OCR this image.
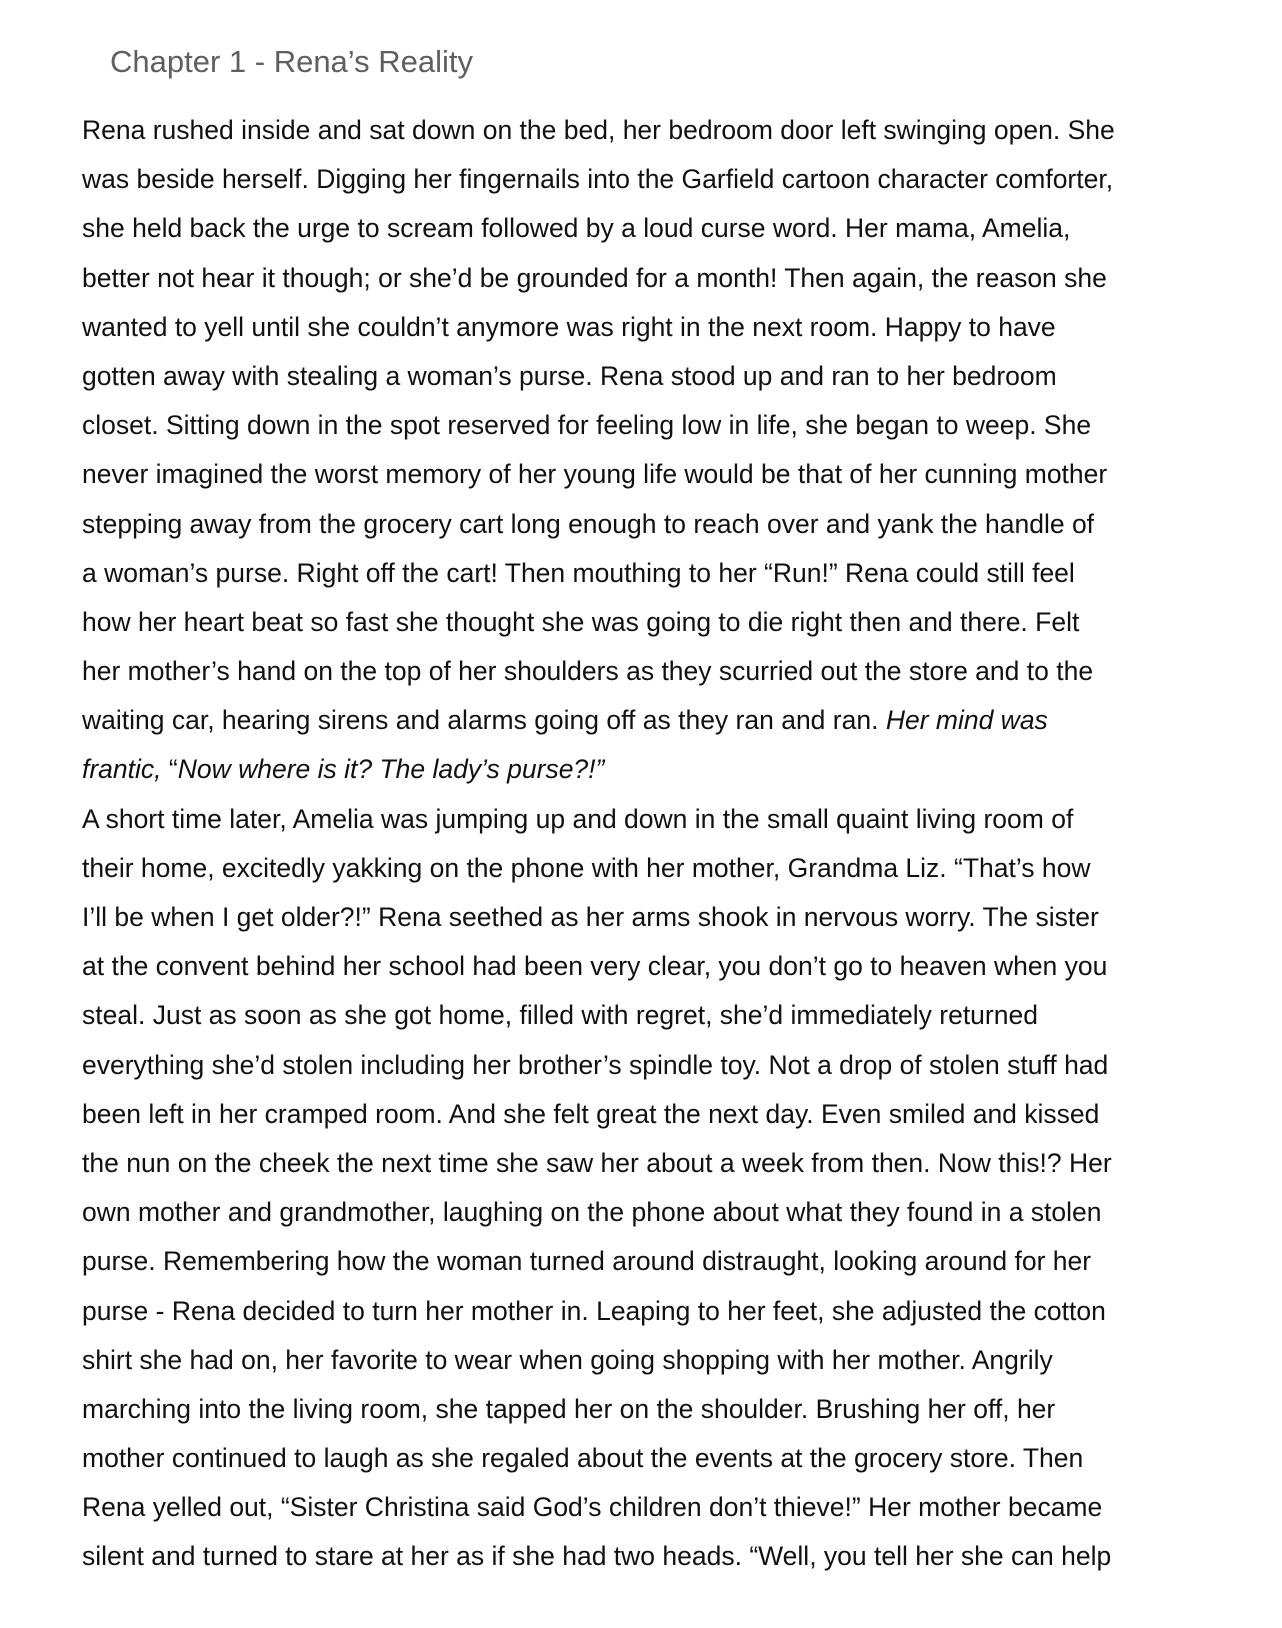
Chapter 1 - Rena’s Reality
Rena rushed inside and sat down on the bed, her bedroom door left swinging open. She
was beside herself. Digging her fingernails into the Garfield cartoon character comforter,
she held back the urge to scream followed by a loud curse word. Her mama, Amelia,
better not hear it though; or she’d be grounded for a month! Then again, the reason she
wanted to yell until she couldn’t anymore was right in the next room. Happy to have
gotten away with stealing a woman’s purse. Rena stood up and ran to her bedroom
closet. Sitting down in the spot reserved for feeling low in life, she began to weep. She
never imagined the worst memory of her young life would be that of her cunning mother
stepping away from the grocery cart long enough to reach over and yank the handle of
a woman’s purse. Right off the cart! Then mouthing to her “Run!” Rena could still feel
how her heart beat so fast she thought she was going to die right then and there. Felt
her mother’s hand on the top of her shoulders as they scurried out the store and to the
waiting car, hearing sirens and alarms going off as they ran and ran. Her mind was
frantic, “Now where is it? The lady’s purse?!”
A short time later, Amelia was jumping up and down in the small quaint living room of
their home, excitedly yakking on the phone with her mother, Grandma Liz. “That’s how
I’ll be when I get older?!” Rena seethed as her arms shook in nervous worry. The sister
at the convent behind her school had been very clear, you don’t go to heaven when you
steal. Just as soon as she got home, filled with regret, she’d immediately returned
everything she’d stolen including her brother’s spindle toy. Not a drop of stolen stuff had
been left in her cramped room. And she felt great the next day. Even smiled and kissed
the nun on the cheek the next time she saw her about a week from then. Now this!? Her
own mother and grandmother, laughing on the phone about what they found in a stolen
purse. Remembering how the woman turned around distraught, looking around for her
purse - Rena decided to turn her mother in. Leaping to her feet, she adjusted the cotton
shirt she had on, her favorite to wear when going shopping with her mother. Angrily
marching into the living room, she tapped her on the shoulder. Brushing her off, her
mother continued to laugh as she regaled about the events at the grocery store. Then
Rena yelled out, “Sister Christina said God’s children don’t thieve!” Her mother became
silent and turned to stare at her as if she had two heads. “Well, you tell her she can help
